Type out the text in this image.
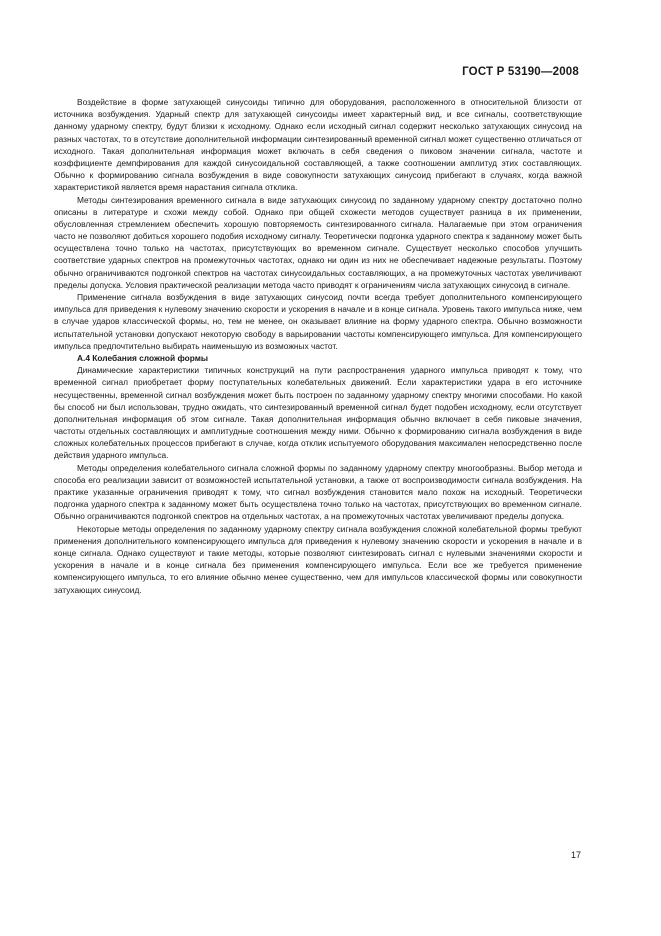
ГОСТ Р 53190—2008

Воздействие в форме затухающей синусоиды типично для оборудования, расположенного в относительной близости от источника возбуждения. Ударный спектр для затухающей синусоиды имеет характерный вид, и все сигналы, соответствующие данному ударному спектру, будут близки к исходному. Однако если исходный сигнал содержит несколько затухающих синусоид на разных частотах, то в отсутствие дополнительной информации синтезированный временной сигнал может существенно отличаться от исходного. Такая дополнительная информация может включать в себя сведения о пиковом значении сигнала, частоте и коэффициенте демпфирования для каждой синусоидальной составляющей, а также соотношении амплитуд этих составляющих. Обычно к формированию сигнала возбуждения в виде совокупности затухающих синусоид прибегают в случаях, когда важной характеристикой является время нарастания сигнала отклика.

Методы синтезирования временного сигнала в виде затухающих синусоид по заданному ударному спектру достаточно полно описаны в литературе и схожи между собой. Однако при общей схожести методов существует разница в их применении, обусловленная стремлением обеспечить хорошую повторяемость синтезированного сигнала. Налагаемые при этом ограничения часто не позволяют добиться хорошего подобия исходному сигналу. Теоретически подгонка ударного спектра к заданному может быть осуществлена точно только на частотах, присутствующих во временном сигнале. Существует несколько способов улучшить соответствие ударных спектров на промежуточных частотах, однако ни один из них не обеспечивает надежные результаты. Поэтому обычно ограничиваются подгонкой спектров на частотах синусоидальных составляющих, а на промежуточных частотах увеличивают пределы допуска. Условия практической реализации метода часто приводят к ограничениям числа затухающих синусоид в сигнале.

Применение сигнала возбуждения в виде затухающих синусоид почти всегда требует дополнительного компенсирующего импульса для приведения к нулевому значению скорости и ускорения в начале и в конце сигнала. Уровень такого импульса ниже, чем в случае ударов классической формы, но, тем не менее, он оказывает влияние на форму ударного спектра. Обычно возможности испытательной установки допускают некоторую свободу в варьировании частоты компенсирующего импульса. Для компенсирующего импульса предпочтительно выбирать наименьшую из возможных частот.

А.4 Колебания сложной формы

Динамические характеристики типичных конструкций на пути распространения ударного импульса приводят к тому, что временной сигнал приобретает форму поступательных колебательных движений. Если характеристики удара в его источнике несущественны, временной сигнал возбуждения может быть построен по заданному ударному спектру многими способами. Но какой бы способ ни был использован, трудно ожидать, что синтезированный временной сигнал будет подобен исходному, если отсутствует дополнительная информация об этом сигнале. Такая дополнительная информация обычно включает в себя пиковые значения, частоты отдельных составляющих и амплитудные соотношения между ними. Обычно к формированию сигнала возбуждения в виде сложных колебательных процессов прибегают в случае, когда отклик испытуемого оборудования максимален непосредственно после действия ударного импульса.

Методы определения колебательного сигнала сложной формы по заданному ударному спектру многообразны. Выбор метода и способа его реализации зависит от возможностей испытательной установки, а также от воспроизводимости сигнала возбуждения. На практике указанные ограничения приводят к тому, что сигнал возбуждения становится мало похож на исходный. Теоретически подгонка ударного спектра к заданному может быть осуществлена точно только на частотах, присутствующих во временном сигнале. Обычно ограничиваются подгонкой спектров на отдельных частотах, а на промежуточных частотах увеличивают пределы допуска.

Некоторые методы определения по заданному ударному спектру сигнала возбуждения сложной колебательной формы требуют применения дополнительного компенсирующего импульса для приведения к нулевому значению скорости и ускорения в начале и в конце сигнала. Однако существуют и такие методы, которые позволяют синтезировать сигнал с нулевыми значениями скорости и ускорения в начале и в конце сигнала без применения компенсирующего импульса. Если все же требуется применение компенсирующего импульса, то его влияние обычно менее существенно, чем для импульсов классической формы или совокупности затухающих синусоид.

17
